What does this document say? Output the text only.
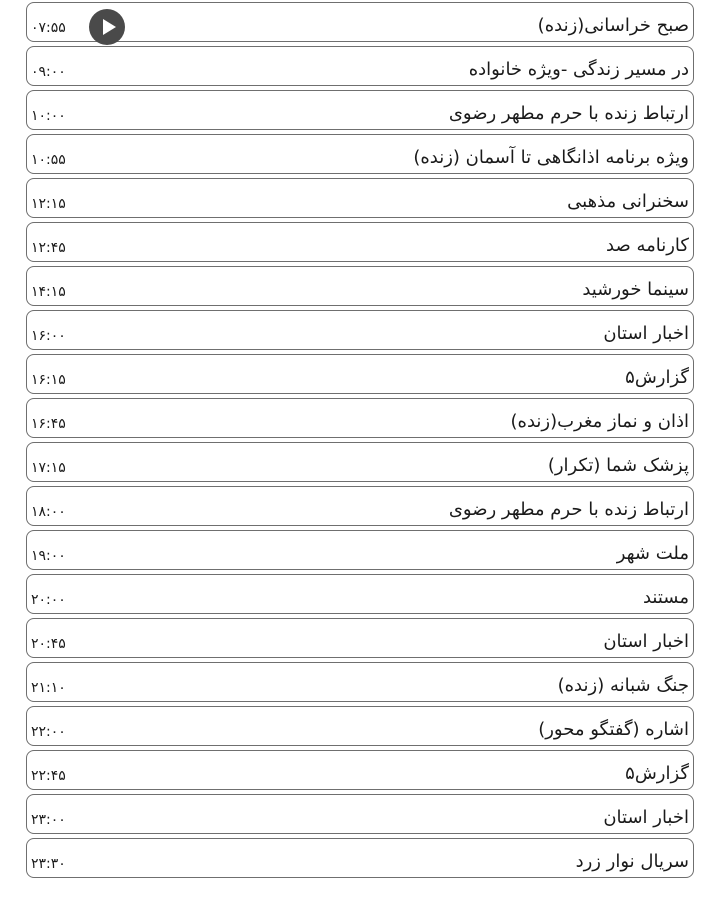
صبح خراسانی(زنده)
۰۷:۵۵
در مسیر زندگی -ویژه خانواده
۰۹:۰۰
ارتباط زنده با حرم مطهر رضوی
۱۰:۰۰
ویژه برنامه اذانگاهی تا آسمان (زنده)
۱۰:۵۵
سخنرانی مذهبی
۱۲:۱۵
کارنامه صد
۱۲:۴۵
سینما خورشید
۱۴:۱۵
اخبار استان
۱۶:۰۰
گزارش۵
۱۶:۱۵
اذان و نماز مغرب(زنده)
۱۶:۴۵
پزشک شما (تکرار)
۱۷:۱۵
ارتباط زنده با حرم مطهر رضوی
۱۸:۰۰
ملت شهر
۱۹:۰۰
مستند
۲۰:۰۰
اخبار استان
۲۰:۴۵
جنگ شبانه (زنده)
۲۱:۱۰
اشاره (گفتگو محور)
۲۲:۰۰
گزارش۵
۲۲:۴۵
اخبار استان
۲۳:۰۰
سریال نوار زرد
۲۳:۳۰
